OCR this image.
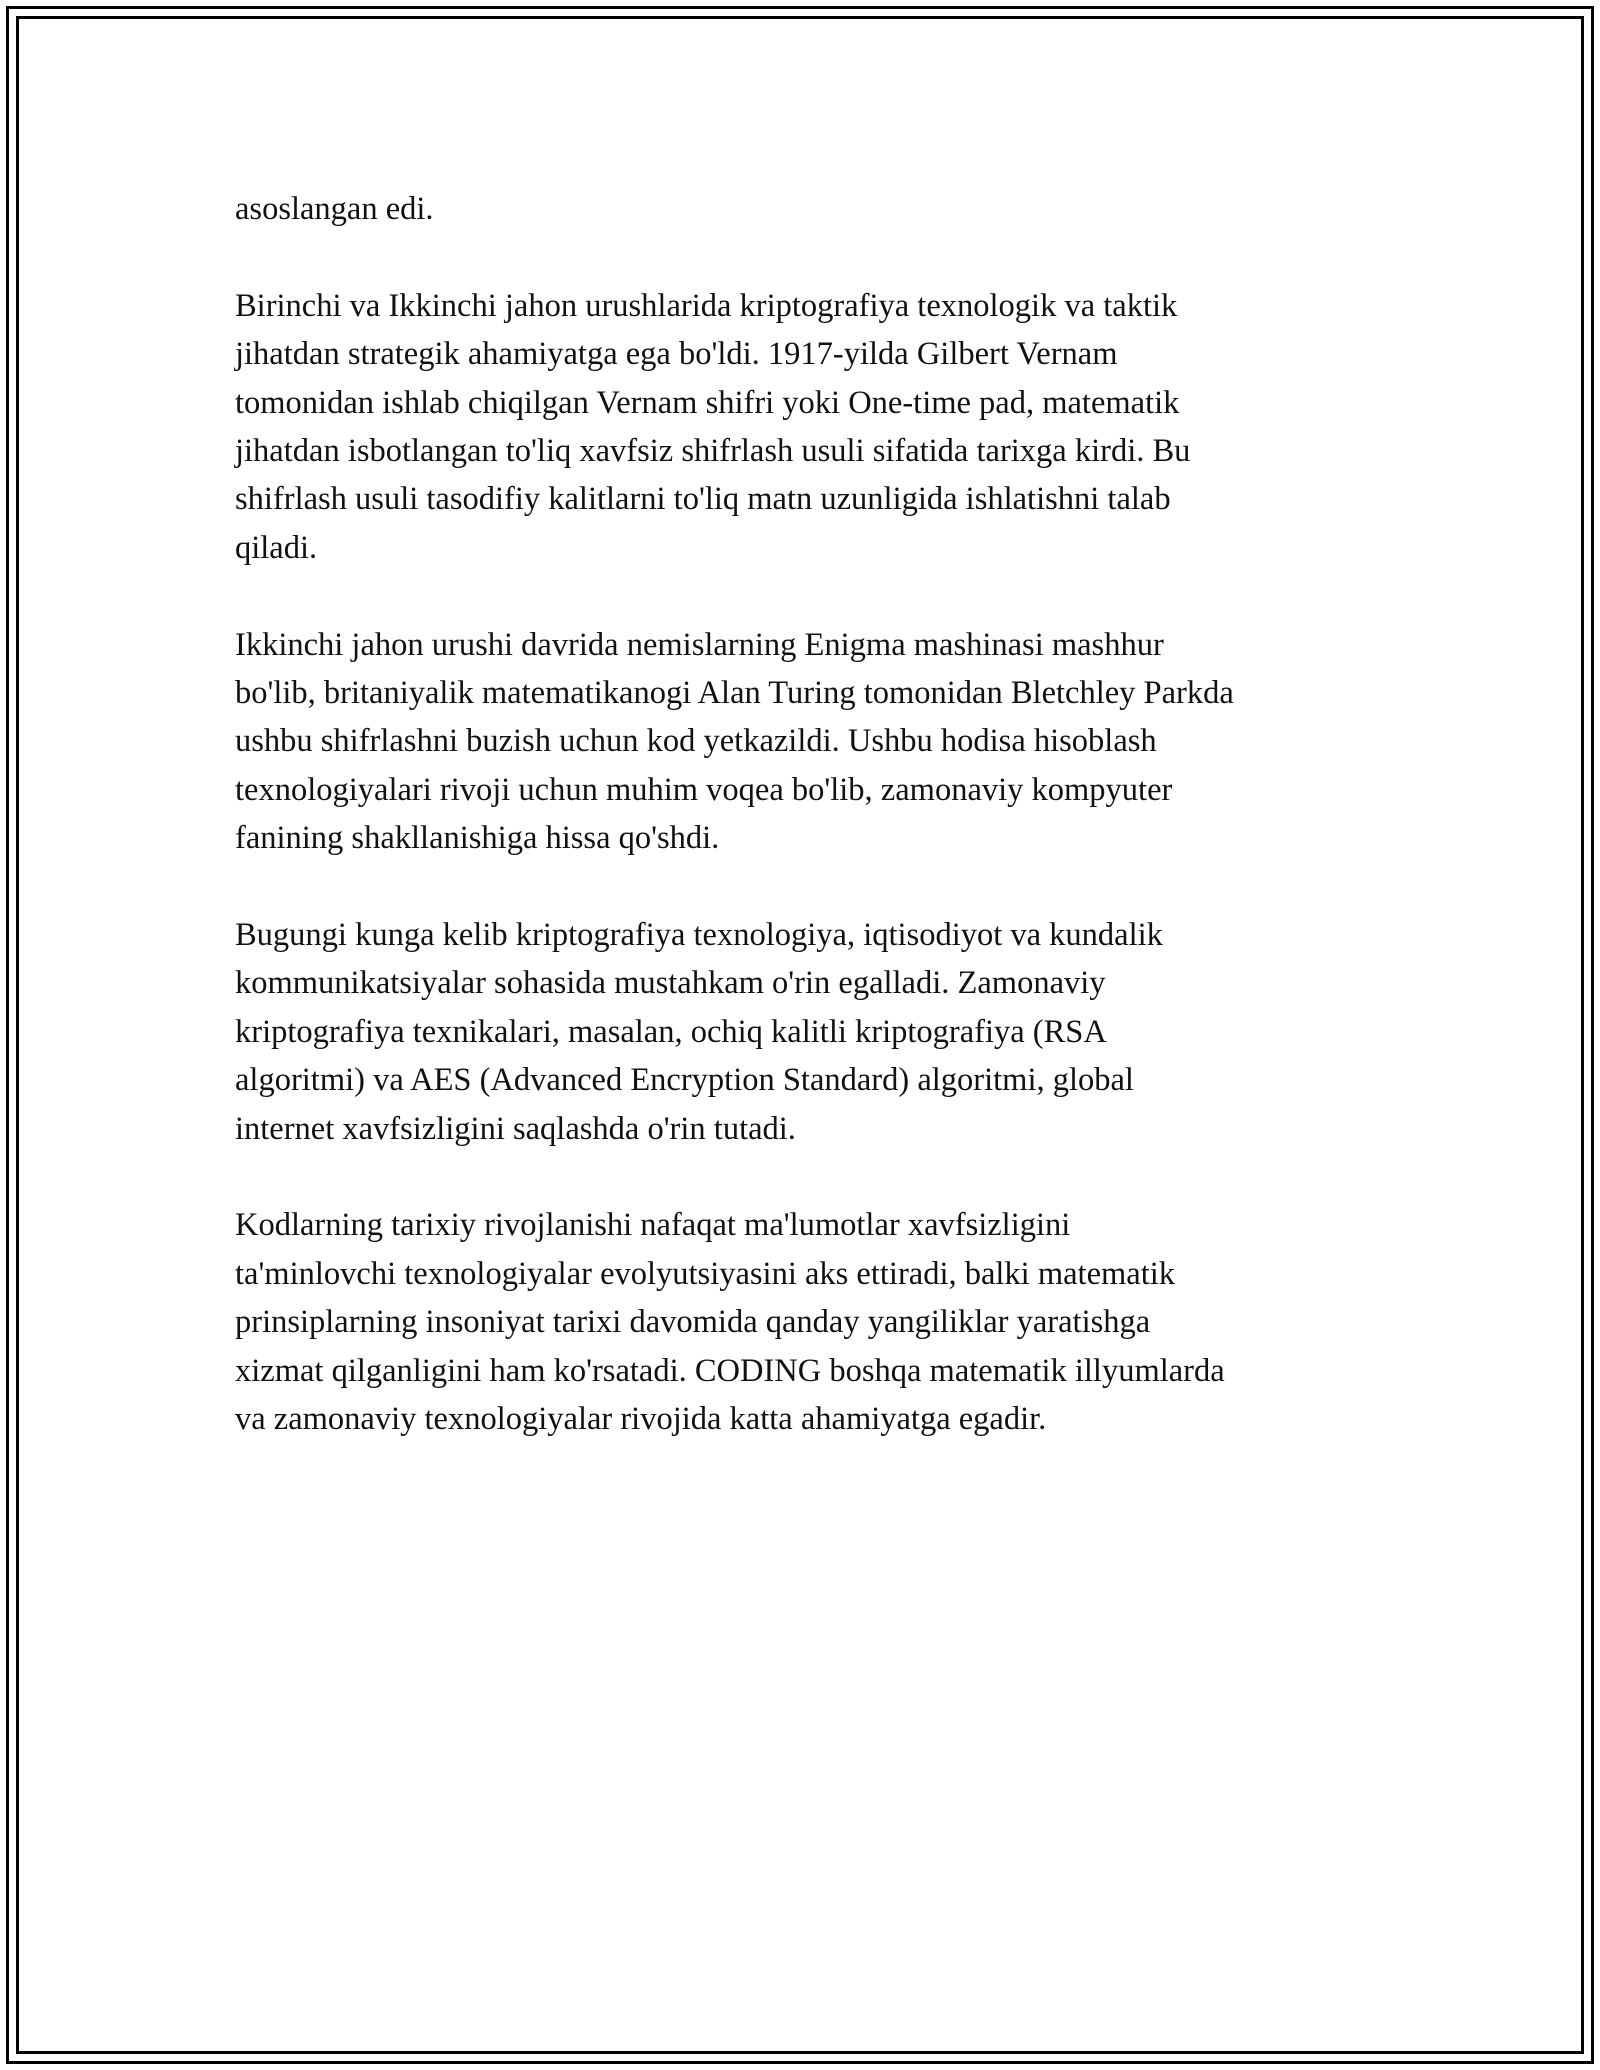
asoslangan edi.

Birinchi va Ikkinchi jahon urushlarida kriptografiya texnologik va taktik
jihatdan strategik ahamiyatga ega bo'ldi. 1917-yilda Gilbert Vernam
tomonidan ishlab chiqilgan Vernam shifri yoki One-time pad, matematik
jihatdan isbotlangan to'liq xavfsiz shifrlash usuli sifatida tarixga kirdi. Bu
shifrlash usuli tasodifiy kalitlarni to'liq matn uzunligida ishlatishni talab
qiladi.

Ikkinchi jahon urushi davrida nemislarning Enigma mashinasi mashhur
bo'lib, britaniyalik matematikanogi Alan Turing tomonidan Bletchley Parkda
ushbu shifrlashni buzish uchun kod yetkazildi. Ushbu hodisa hisoblash
texnologiyalari rivoji uchun muhim voqea bo'lib, zamonaviy kompyuter
fanining shakllanishiga hissa qo'shdi.

Bugungi kunga kelib kriptografiya texnologiya, iqtisodiyot va kundalik
kommunikatsiyalar sohasida mustahkam o'rin egalladi. Zamonaviy
kriptografiya texnikalari, masalan, ochiq kalitli kriptografiya (RSA
algoritmi) va AES (Advanced Encryption Standard) algoritmi, global
internet xavfsizligini saqlashda o'rin tutadi.

Kodlarning tarixiy rivojlanishi nafaqat ma'lumotlar xavfsizligini
ta'minlovchi texnologiyalar evolyutsiyasini aks ettiradi, balki matematik
prinsiplarning insoniyat tarixi davomida qanday yangiliklar yaratishga
xizmat qilganligini ham ko'rsatadi. CODING boshqa matematik illyumlarda
va zamonaviy texnologiyalar rivojida katta ahamiyatga egadir.
